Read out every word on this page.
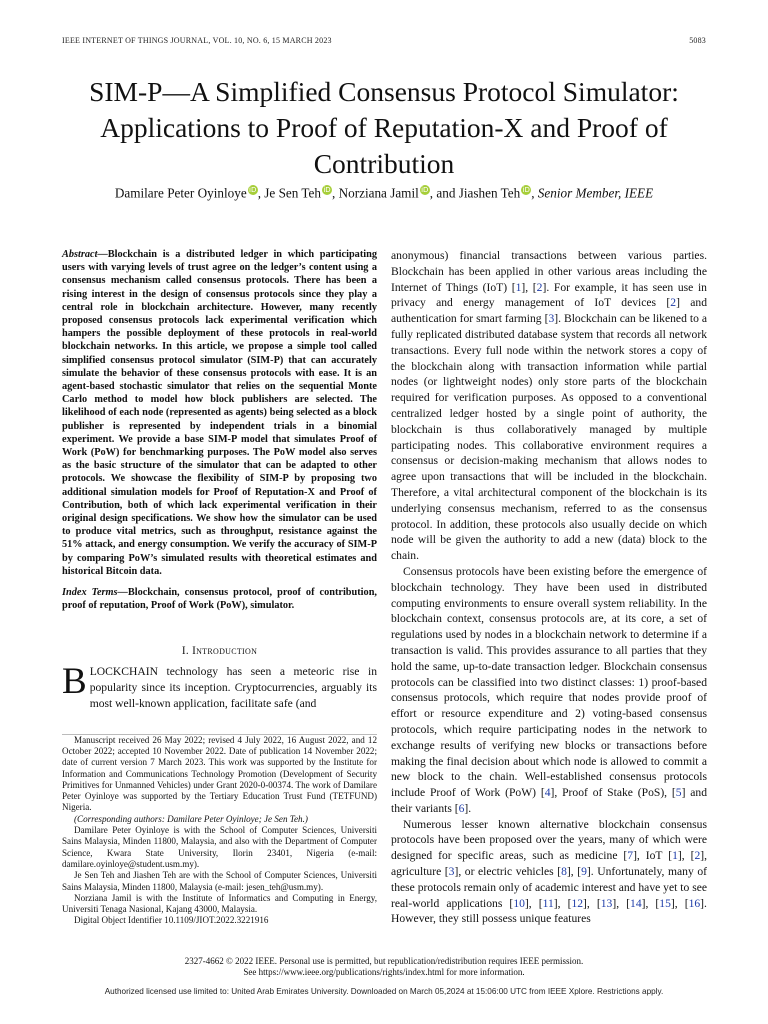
IEEE INTERNET OF THINGS JOURNAL, VOL. 10, NO. 6, 15 MARCH 2023	5083
SIM-P—A Simplified Consensus Protocol Simulator: Applications to Proof of Reputation-X and Proof of Contribution
Damilare Peter Oyinloye iD, Je Sen Teh iD, Norziana Jamil iD, and Jiashen Teh iD, Senior Member, IEEE

Abstract—Blockchain is a distributed ledger in which participating users with varying levels of trust agree on the ledger’s content using a consensus mechanism called consensus protocols. There has been a rising interest in the design of consensus protocols since they play a central role in blockchain architecture. However, many recently proposed consensus protocols lack experimental verification which hampers the possible deployment of these protocols in real-world blockchain networks. In this article, we propose a simple tool called simplified consensus protocol simulator (SIM-P) that can accurately simulate the behavior of these consensus protocols with ease. It is an agent-based stochastic simulator that relies on the sequential Monte Carlo method to model how block publishers are selected. The likelihood of each node (represented as agents) being selected as a block publisher is represented by independent trials in a binomial experiment. We provide a base SIM-P model that simulates Proof of Work (PoW) for benchmarking purposes. The PoW model also serves as the basic structure of the simulator that can be adapted to other protocols. We showcase the flexibility of SIM-P by proposing two additional simulation models for Proof of Reputation-X and Proof of Contribution, both of which lack experimental verification in their original design specifications. We show how the simulator can be used to produce vital metrics, such as throughput, resistance against the 51% attack, and energy consumption. We verify the accuracy of SIM-P by comparing PoW’s simulated results with theoretical estimates and historical Bitcoin data.

Index Terms—Blockchain, consensus protocol, proof of contribution, proof of reputation, Proof of Work (PoW), simulator.

I. Introduction

BLOCKCHAIN technology has seen a meteoric rise in popularity since its inception. Cryptocurrencies, arguably its most well-known application, facilitate safe (and

Manuscript received 26 May 2022; revised 4 July 2022, 16 August 2022, and 12 October 2022; accepted 10 November 2022. Date of publication 14 November 2022; date of current version 7 March 2023. This work was supported by the Institute for Information and Communications Technology Promotion (Development of Security Primitives for Unmanned Vehicles) under Grant 2020-0-00374. The work of Damilare Peter Oyinloye was supported by the Tertiary Education Trust Fund (TETFUND) Nigeria.

(Corresponding authors: Damilare Peter Oyinloye; Je Sen Teh.)

Damilare Peter Oyinloye is with the School of Computer Sciences, Universiti Sains Malaysia, Minden 11800, Malaysia, and also with the Department of Computer Science, Kwara State University, Ilorin 23401, Nigeria (e-mail: damilare.oyinloye@student.usm.my).

Je Sen Teh and Jiashen Teh are with the School of Computer Sciences, Universiti Sains Malaysia, Minden 11800, Malaysia (e-mail: jesen_teh@usm.my).

Norziana Jamil is with the Institute of Informatics and Computing in Energy, Universiti Tenaga Nasional, Kajang 43000, Malaysia.

Digital Object Identifier 10.1109/JIOT.2022.3221916

anonymous) financial transactions between various parties. Blockchain has been applied in other various areas including the Internet of Things (IoT) [1], [2]. For example, it has seen use in privacy and energy management of IoT devices [2] and authentication for smart farming [3]. Blockchain can be likened to a fully replicated distributed database system that records all network transactions. Every full node within the network stores a copy of the blockchain along with transaction information while partial nodes (or lightweight nodes) only store parts of the blockchain required for verification purposes. As opposed to a conventional centralized ledger hosted by a single point of authority, the blockchain is thus collaboratively managed by multiple participating nodes. This collaborative environment requires a consensus or decision-making mechanism that allows nodes to agree upon transactions that will be included in the blockchain. Therefore, a vital architectural component of the blockchain is its underlying consensus mechanism, referred to as the consensus protocol. In addition, these protocols also usually decide on which node will be given the authority to add a new (data) block to the chain.

Consensus protocols have been existing before the emergence of blockchain technology. They have been used in distributed computing environments to ensure overall system reliability. In the blockchain context, consensus protocols are, at its core, a set of regulations used by nodes in a blockchain network to determine if a transaction is valid. This provides assurance to all parties that they hold the same, up-to-date transaction ledger. Blockchain consensus protocols can be classified into two distinct classes: 1) proof-based consensus protocols, which require that nodes provide proof of effort or resource expenditure and 2) voting-based consensus protocols, which require participating nodes in the network to exchange results of verifying new blocks or transactions before making the final decision about which node is allowed to commit a new block to the chain. Well-established consensus protocols include Proof of Work (PoW) [4], Proof of Stake (PoS), [5] and their variants [6].

Numerous lesser known alternative blockchain consensus protocols have been proposed over the years, many of which were designed for specific areas, such as medicine [7], IoT [1], [2], agriculture [3], or electric vehicles [8], [9]. Unfortunately, many of these protocols remain only of academic interest and have yet to see real-world applications [10], [11], [12], [13], [14], [15], [16]. However, they still possess unique features

2327-4662 © 2022 IEEE. Personal use is permitted, but republication/redistribution requires IEEE permission.
See https://www.ieee.org/publications/rights/index.html for more information.
Authorized licensed use limited to: United Arab Emirates University. Downloaded on March 05,2024 at 15:06:00 UTC from IEEE Xplore. Restrictions apply.
